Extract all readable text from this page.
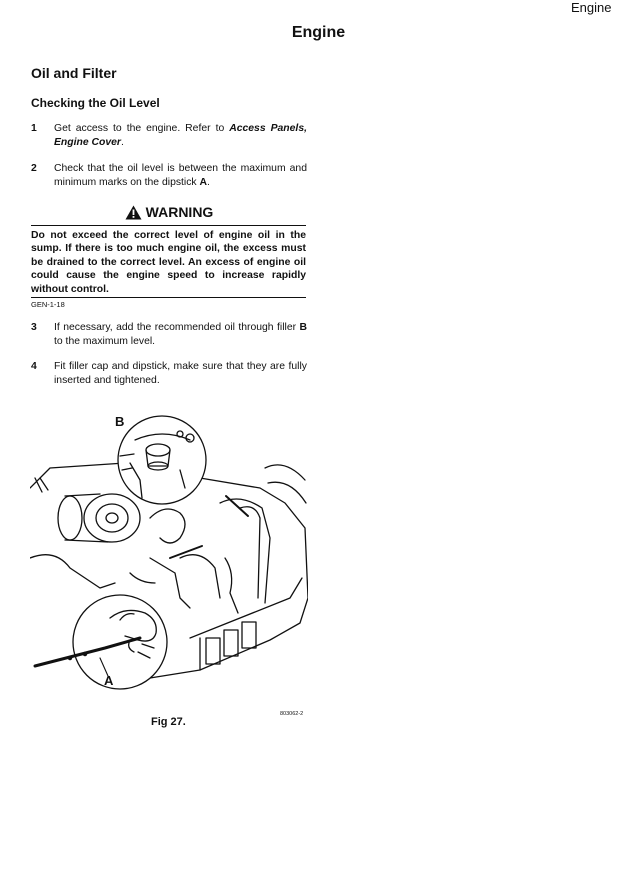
Engine
Engine
Oil and Filter
Checking the Oil Level
1 Get access to the engine. Refer to Access Panels, Engine Cover.
2 Check that the oil level is between the maximum and minimum marks on the dipstick A.
WARNING
Do not exceed the correct level of engine oil in the sump. If there is too much engine oil, the excess must be drained to the correct level. An excess of engine oil could cause the engine speed to increase rapidly without control.
GEN-1-18
3 If necessary, add the recommended oil through filler B to the maximum level.
4 Fit filler cap and dipstick, make sure that they are fully inserted and tightened.
B
A
Fig 27.
803062-2
